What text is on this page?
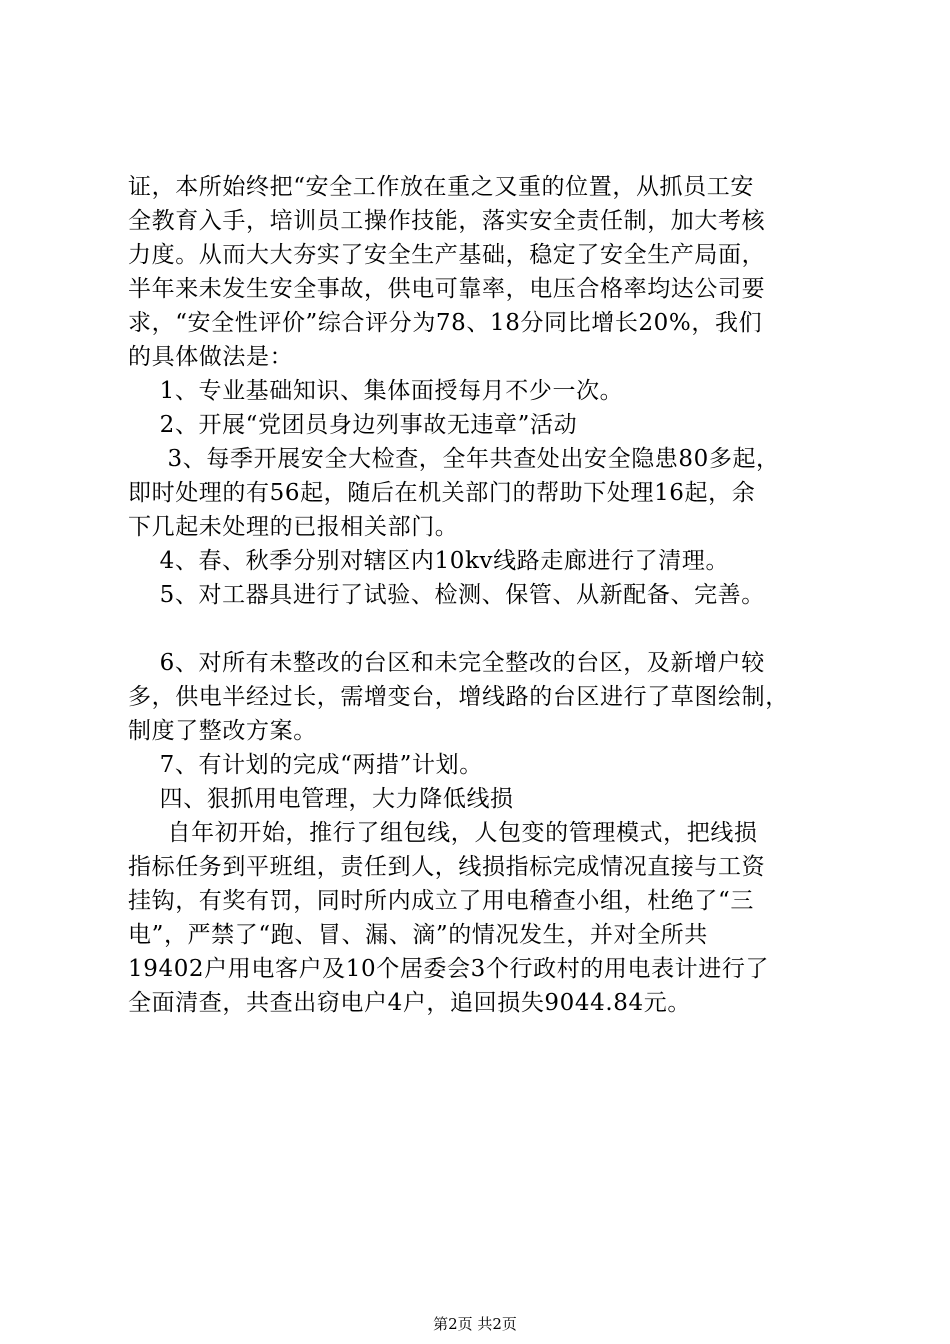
证，本所始终把“安全工作放在重之又重的位置，从抓员工安
全教育入手，培训员工操作技能，落实安全责任制，加大考核
力度。从而大大夯实了安全生产基础，稳定了安全生产局面，
半年来未发生安全事故，供电可靠率，电压合格率均达公司要
求，“安全性评价”综合评分为78、18分同比增长20%，我们
的具体做法是：
1、专业基础知识、集体面授每月不少一次。
2、开展“党团员身边列事故无违章”活动
3、每季开展安全大检查，全年共查处出安全隐患80多起，
即时处理的有56起，随后在机关部门的帮助下处理16起，余
下几起未处理的已报相关部门。
4、春、秋季分别对辖区内10kv线路走廊进行了清理。
5、对工器具进行了试验、检测、保管、从新配备、完善。
6、对所有未整改的台区和未完全整改的台区，及新增户较
多，供电半经过长，需增变台，增线路的台区进行了草图绘制，
制度了整改方案。
7、有计划的完成“两措”计划。
四、狠抓用电管理，大力降低线损
自年初开始，推行了组包线，人包变的管理模式，把线损
指标任务到平班组，责任到人，线损指标完成情况直接与工资
挂钩，有奖有罚，同时所内成立了用电稽查小组，杜绝了“三
电”，严禁了“跑、冒、漏、滴”的情况发生，并对全所共
19402户用电客户及10个居委会3个行政村的用电表计进行了
全面清查，共查出窃电户4户，追回损失9044.84元。
第2页 共2页
